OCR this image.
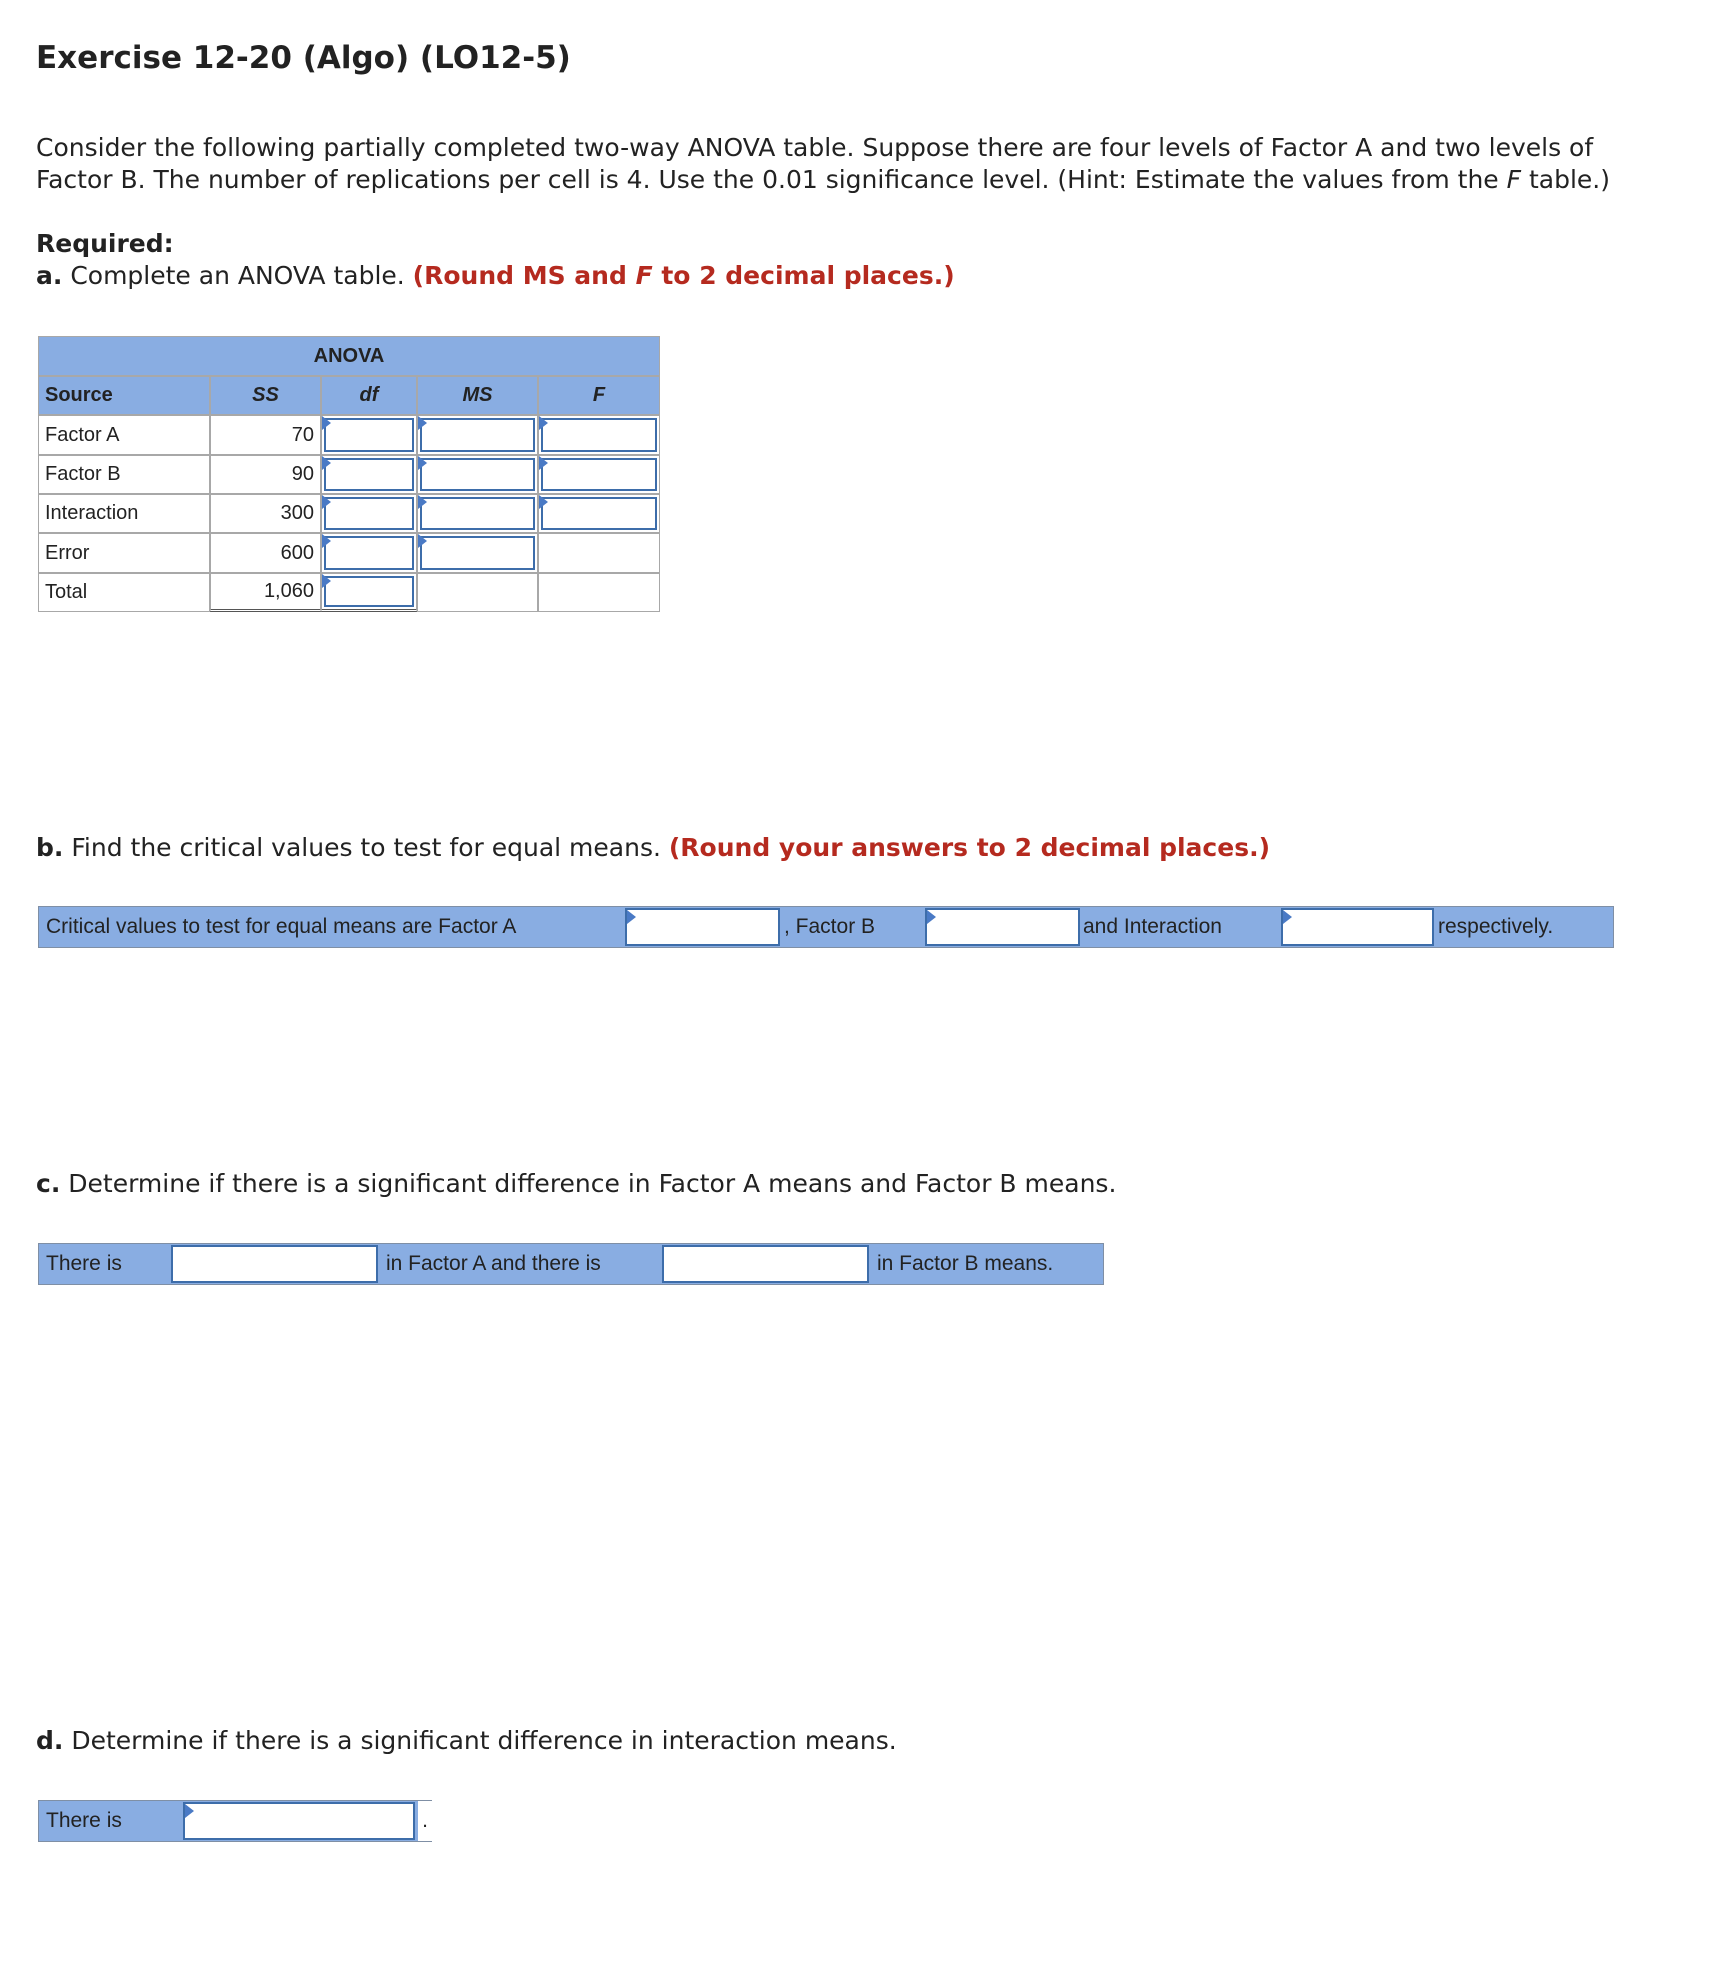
Exercise 12-20 (Algo) (LO12-5)
Consider the following partially completed two-way ANOVA table. Suppose there are four levels of Factor A and two levels of
Factor B. The number of replications per cell is 4. Use the 0.01 significance level. (Hint: Estimate the values from the F table.)
Required:
a. Complete an ANOVA table. (Round MS and F to 2 decimal places.)
ANOVA
Source	SS	df	MS	F
Factor A	70
Factor B	90
Interaction	300
Error	600
Total	1,060
b. Find the critical values to test for equal means. (Round your answers to 2 decimal places.)
Critical values to test for equal means are Factor A	, Factor B	and Interaction	respectively.
c. Determine if there is a significant difference in Factor A means and Factor B means.
There is	in Factor A and there is	in Factor B means.
d. Determine if there is a significant difference in interaction means.
There is	.
